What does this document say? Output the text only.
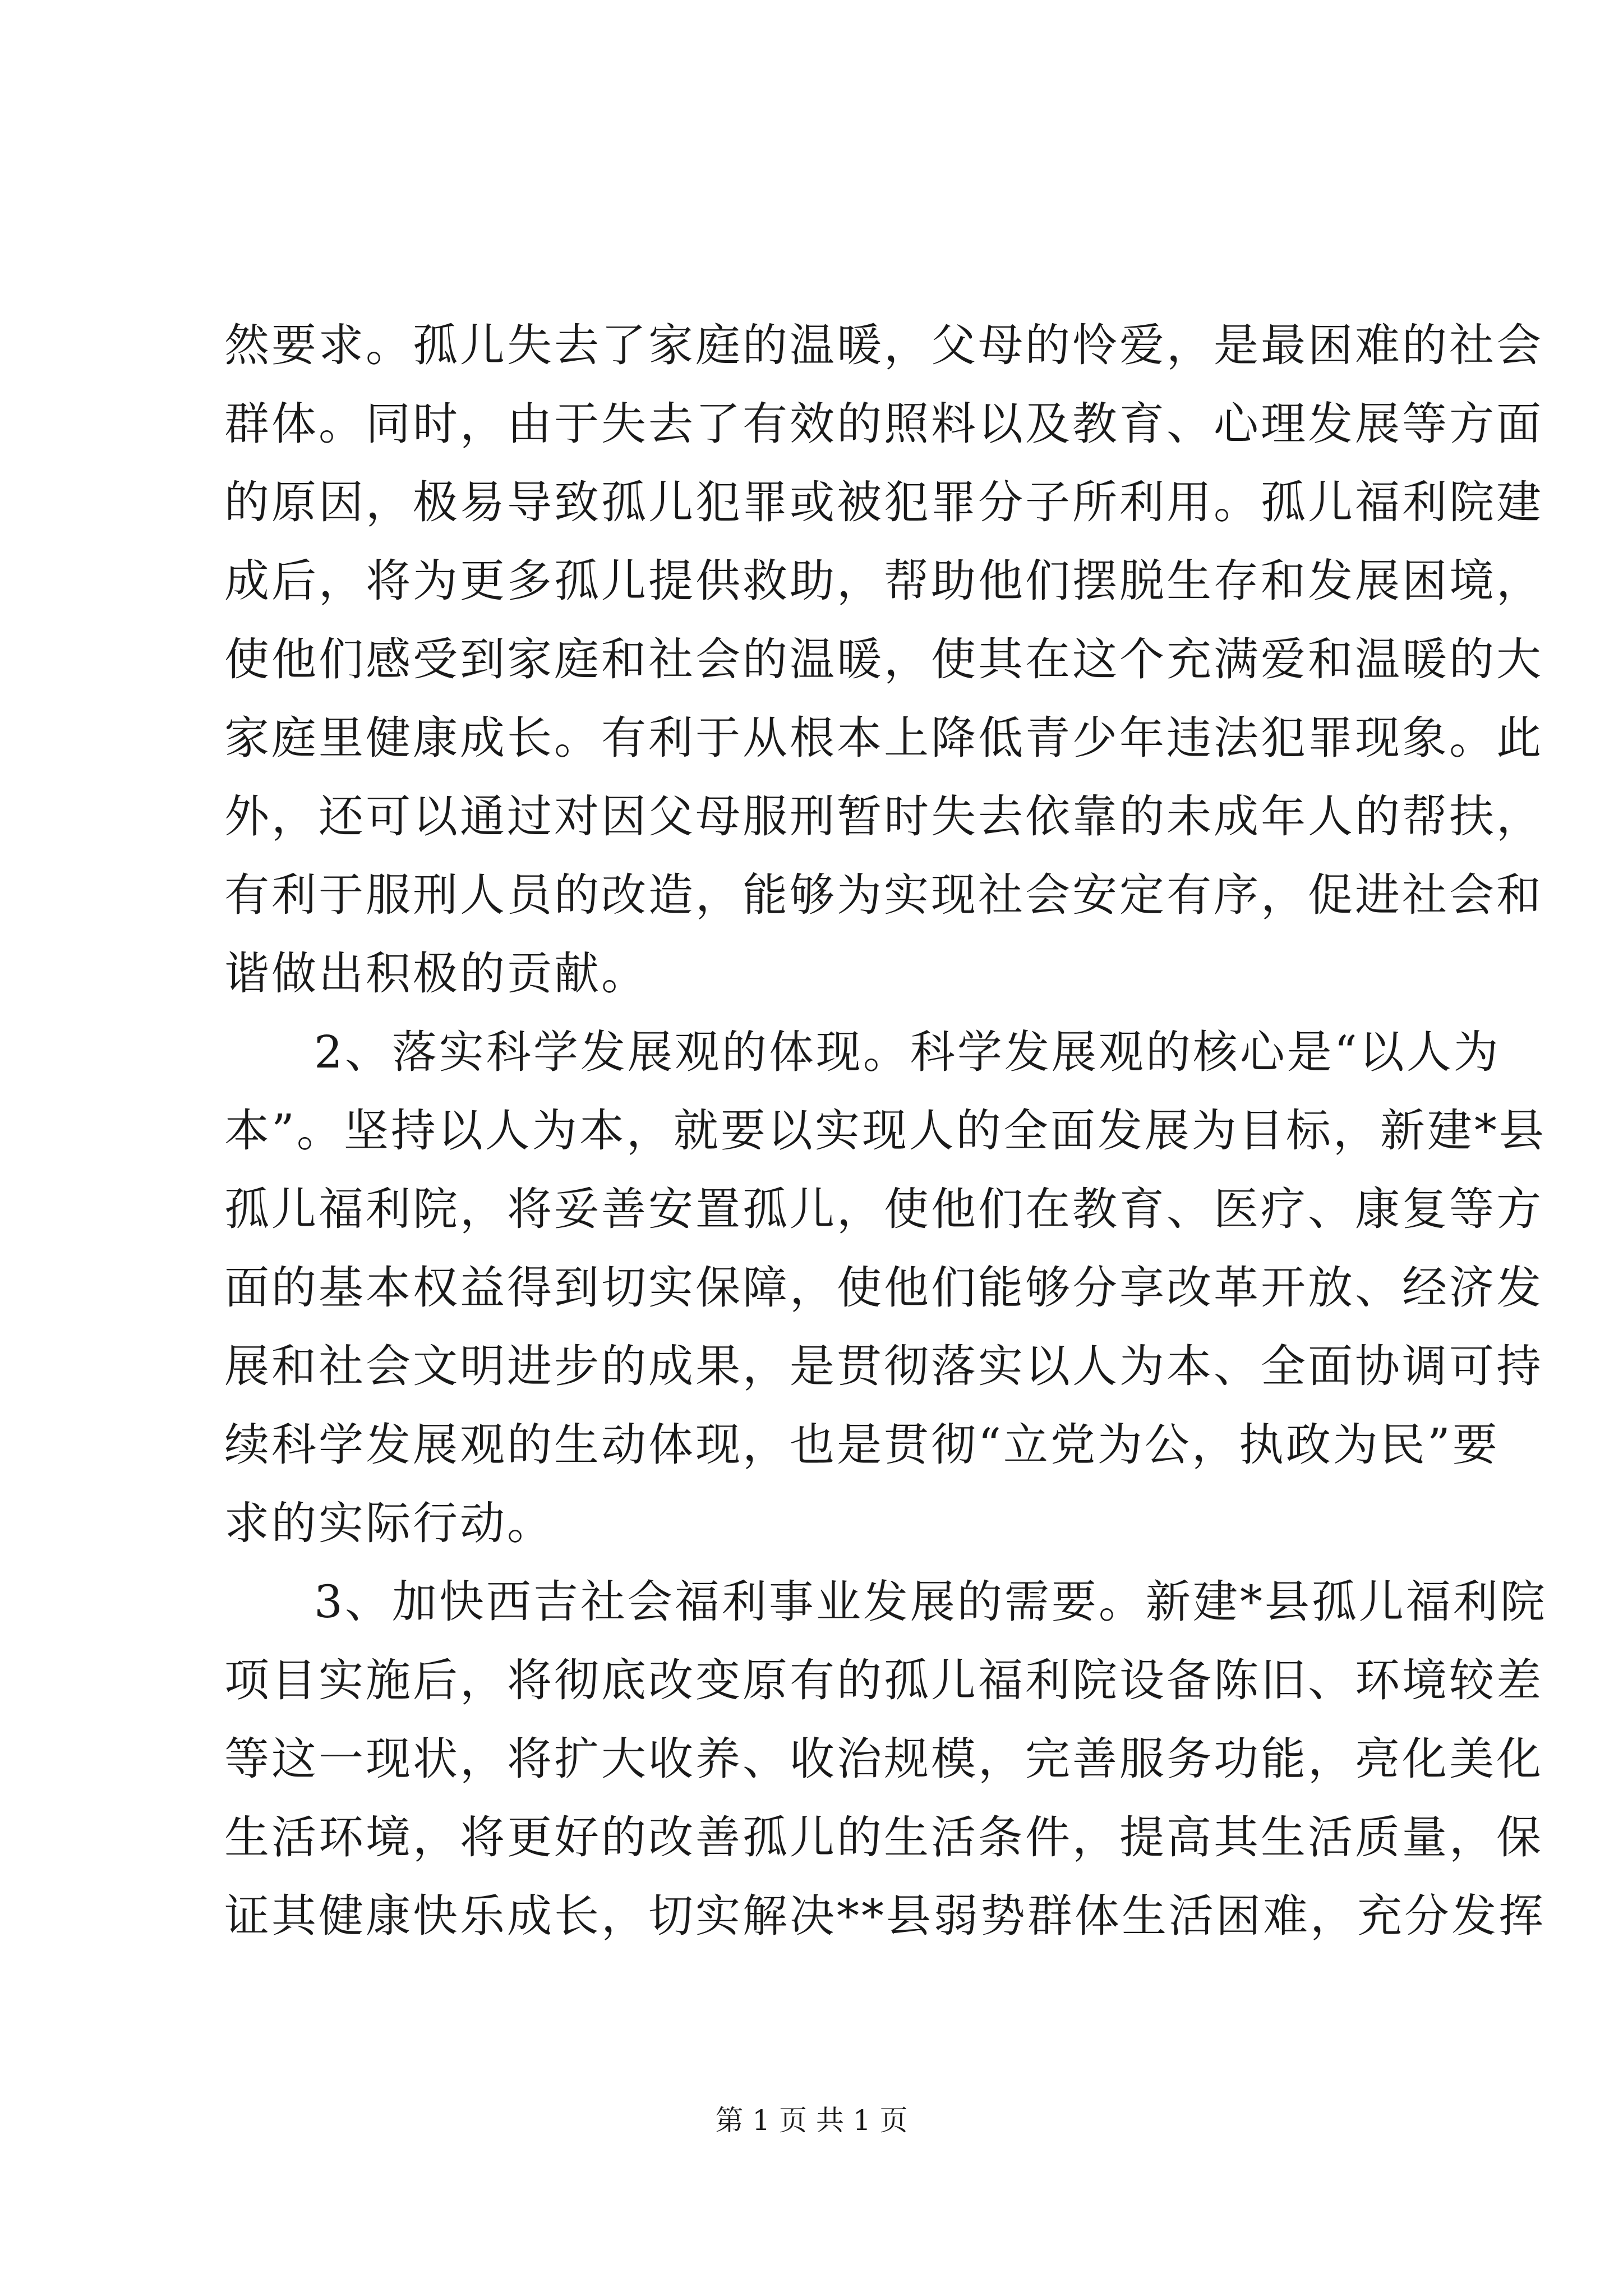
然要求。孤儿失去了家庭的温暖，父母的怜爱，是最困难的社会
群体。同时，由于失去了有效的照料以及教育、心理发展等方面
的原因，极易导致孤儿犯罪或被犯罪分子所利用。孤儿福利院建
成后，将为更多孤儿提供救助，帮助他们摆脱生存和发展困境，
使他们感受到家庭和社会的温暖，使其在这个充满爱和温暖的大
家庭里健康成长。有利于从根本上降低青少年违法犯罪现象。此
外，还可以通过对因父母服刑暂时失去依靠的未成年人的帮扶，
有利于服刑人员的改造，能够为实现社会安定有序，促进社会和
谐做出积极的贡献。
2、落实科学发展观的体现。科学发展观的核心是“以人为
本”。坚持以人为本，就要以实现人的全面发展为目标，新建*县
孤儿福利院，将妥善安置孤儿，使他们在教育、医疗、康复等方
面的基本权益得到切实保障，使他们能够分享改革开放、经济发
展和社会文明进步的成果，是贯彻落实以人为本、全面协调可持
续科学发展观的生动体现，也是贯彻“立党为公，执政为民”要
求的实际行动。
3、加快西吉社会福利事业发展的需要。新建*县孤儿福利院
项目实施后，将彻底改变原有的孤儿福利院设备陈旧、环境较差
等这一现状，将扩大收养、收治规模，完善服务功能，亮化美化
生活环境，将更好的改善孤儿的生活条件，提高其生活质量，保
证其健康快乐成长，切实解决**县弱势群体生活困难，充分发挥
第 1 页 共 1 页
